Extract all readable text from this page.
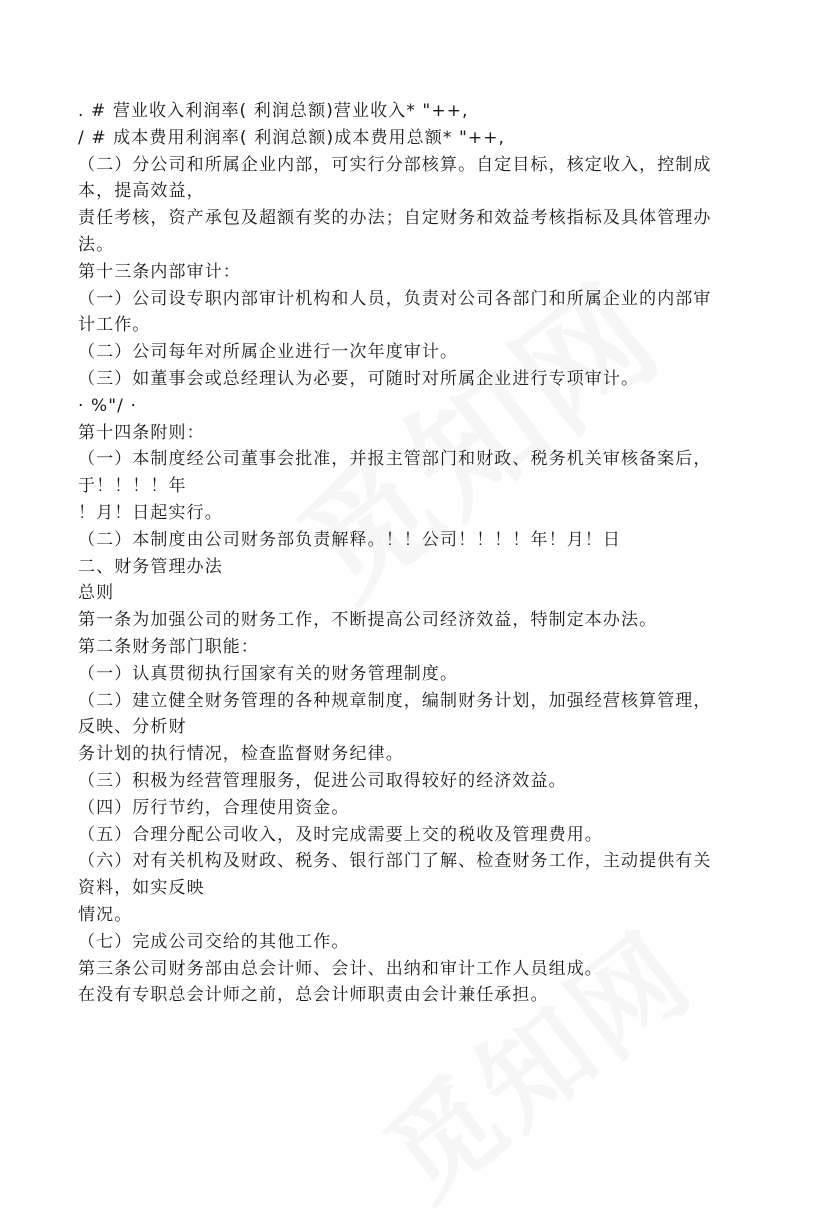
. # 营业收入利润率( 利润总额)营业收入* "++,
/ # 成本费用利润率( 利润总额)成本费用总额* "++,
（二）分公司和所属企业内部，可实行分部核算。自定目标，核定收入，控制成
本，提高效益，
责任考核，资产承包及超额有奖的办法；自定财务和效益考核指标及具体管理办
法。
第十三条内部审计：
（一）公司设专职内部审计机构和人员，负责对公司各部门和所属企业的内部审
计工作。
（二）公司每年对所属企业进行一次年度审计。
（三）如董事会或总经理认为必要，可随时对所属企业进行专项审计。
· %"/ ·
第十四条附则：
（一）本制度经公司董事会批准，并报主管部门和财政、税务机关审核备案后，
于！！！！年
！月！日起实行。
（二）本制度由公司财务部负责解释。！！公司！！！！年！月！日
二、财务管理办法
总则
第一条为加强公司的财务工作，不断提高公司经济效益，特制定本办法。
第二条财务部门职能：
（一）认真贯彻执行国家有关的财务管理制度。
（二）建立健全财务管理的各种规章制度，编制财务计划，加强经营核算管理，
反映、分析财
务计划的执行情况，检查监督财务纪律。
（三）积极为经营管理服务，促进公司取得较好的经济效益。
（四）厉行节约，合理使用资金。
（五）合理分配公司收入，及时完成需要上交的税收及管理费用。
（六）对有关机构及财政、税务、银行部门了解、检查财务工作，主动提供有关
资料，如实反映
情况。
（七）完成公司交给的其他工作。
第三条公司财务部由总会计师、会计、出纳和审计工作人员组成。
在没有专职总会计师之前，总会计师职责由会计兼任承担。
